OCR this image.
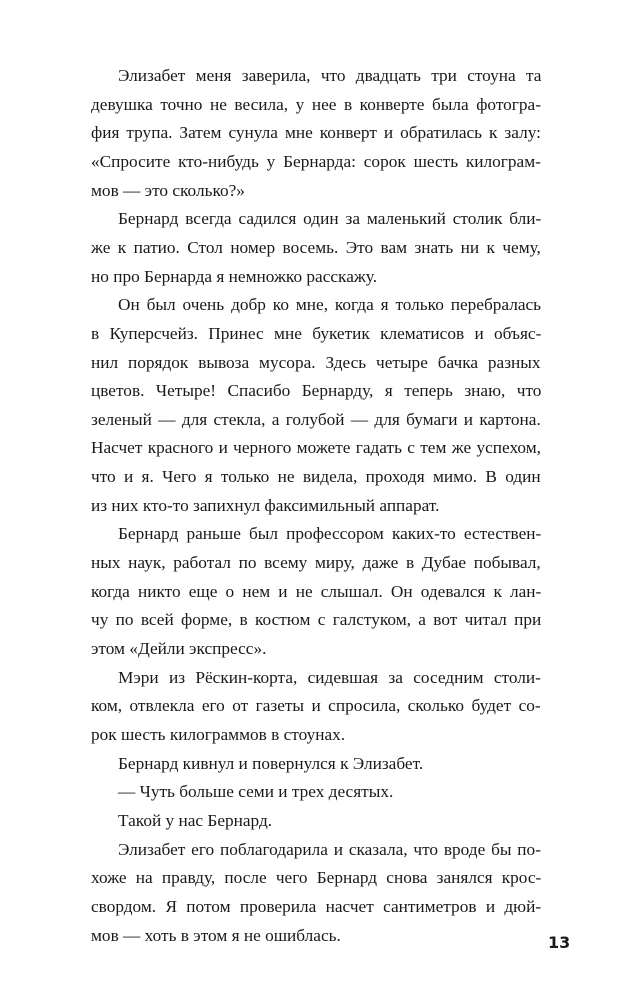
Элизабет меня заверила, что двадцать три стоуна та
девушка точно не весила, у нее в конверте была фотогра-
фия трупа. Затем сунула мне конверт и обратилась к залу:
«Спросите кто-нибудь у Бернарда: сорок шесть килограм-
мов — это сколько?»
Бернард всегда садился один за маленький столик бли-
же к патио. Стол номер восемь. Это вам знать ни к чему,
но про Бернарда я немножко расскажу.
Он был очень добр ко мне, когда я только перебралась
в Куперсчейз. Принес мне букетик клематисов и объяс-
нил порядок вывоза мусора. Здесь четыре бачка разных
цветов. Четыре! Спасибо Бернарду, я теперь знаю, что
зеленый — для стекла, а голубой — для бумаги и картона.
Насчет красного и черного можете гадать с тем же успехом,
что и я. Чего я только не видела, проходя мимо. В один
из них кто-то запихнул факсимильный аппарат.
Бернард раньше был профессором каких-то естествен-
ных наук, работал по всему миру, даже в Дубае побывал,
когда никто еще о нем и не слышал. Он одевался к лан-
чу по всей форме, в костюм с галстуком, а вот читал при
этом «Дейли экспресс».
Мэри из Рёскин-корта, сидевшая за соседним столи-
ком, отвлекла его от газеты и спросила, сколько будет со-
рок шесть килограммов в стоунах.
Бернард кивнул и повернулся к Элизабет.
— Чуть больше семи и трех десятых.
Такой у нас Бернард.
Элизабет его поблагодарила и сказала, что вроде бы по-
хоже на правду, после чего Бернард снова занялся крос-
свордом. Я потом проверила насчет сантиметров и дюй-
мов — хоть в этом я не ошиблась.	13
